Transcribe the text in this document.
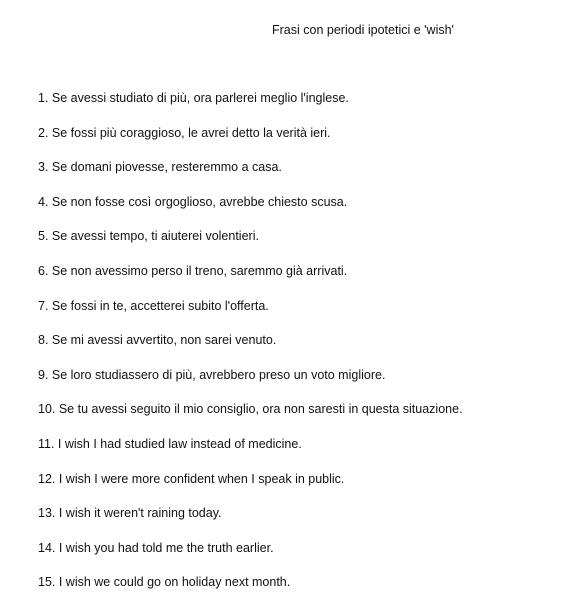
Frasi con periodi ipotetici e 'wish'
1. Se avessi studiato di più, ora parlerei meglio l'inglese.
2. Se fossi più coraggioso, le avrei detto la verità ieri.
3. Se domani piovesse, resteremmo a casa.
4. Se non fosse così orgoglioso, avrebbe chiesto scusa.
5. Se avessi tempo, ti aiuterei volentieri.
6. Se non avessimo perso il treno, saremmo già arrivati.
7. Se fossi in te, accetterei subito l'offerta.
8. Se mi avessi avvertito, non sarei venuto.
9. Se loro studiassero di più, avrebbero preso un voto migliore.
10. Se tu avessi seguito il mio consiglio, ora non saresti in questa situazione.
11. I wish I had studied law instead of medicine.
12. I wish I were more confident when I speak in public.
13. I wish it weren't raining today.
14. I wish you had told me the truth earlier.
15. I wish we could go on holiday next month.
